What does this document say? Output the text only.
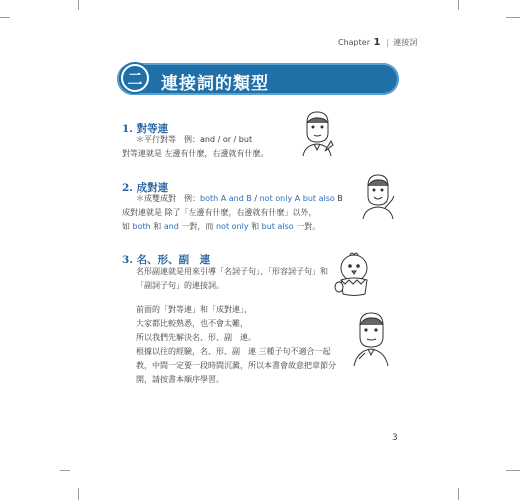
Chapter 1 | 連接詞
二 連接詞的類型
1. 對等連
＊平行對等　例：and / or / but
對等連就是 左邊有什麼，右邊就有什麼。
2. 成對連
＊成雙成對　例：both A and B / not only A but also B
成對連就是 除了「左邊有什麼，右邊就有什麼」以外，
如 both 和 and 一對，而 not only 和 but also 一對。
3. 名、形、副　連
名形副連就是用來引導「名詞子句」、「形容詞子句」和
「副詞子句」的連接詞。
前面的「對等連」和「成對連」，
大家都比較熟悉，也不會太難，
所以我們先解決名、形、副　連。
根據以往的經驗，名、形、副　連 三種子句不適合一起
教，中間一定要一段時間沉澱，所以本書會故意把章節分
開，請按書本順序學習。
3
